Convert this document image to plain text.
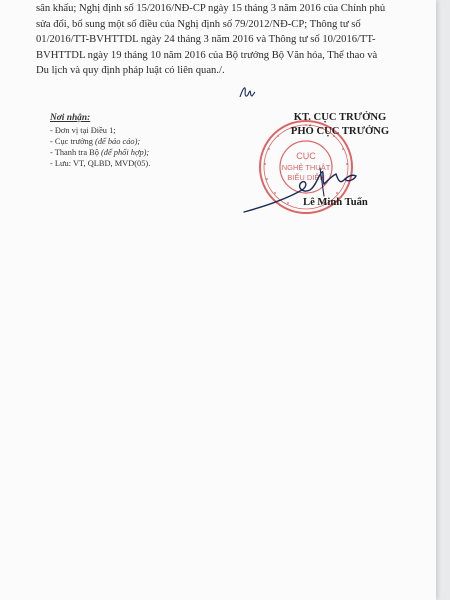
sân khấu; Nghị định số 15/2016/NĐ-CP ngày 15 tháng 3 năm 2016 của Chính phủ
sửa đổi, bổ sung một số điều của Nghị định số 79/2012/NĐ-CP; Thông tư số
01/2016/TT-BVHTTDL ngày 24 tháng 3 năm 2016 và Thông tư số 10/2016/TT-
BVHTTDL ngày 19 tháng 10 năm 2016 của Bộ trưởng Bộ Văn hóa, Thể thao và
Du lịch và quy định pháp luật có liên quan./.

Nơi nhận:
- Đơn vị tại Điều 1;
- Cục trưởng (để báo cáo);
- Thanh tra Bộ (để phối hợp);
- Lưu: VT, QLBD, MVD(05).
CỤC
NGHỆ THUẬT
BIỂU DIỄN
KT. CỤC TRƯỞNG
PHÓ CỤC TRƯỞNG
Lê Minh Tuấn
